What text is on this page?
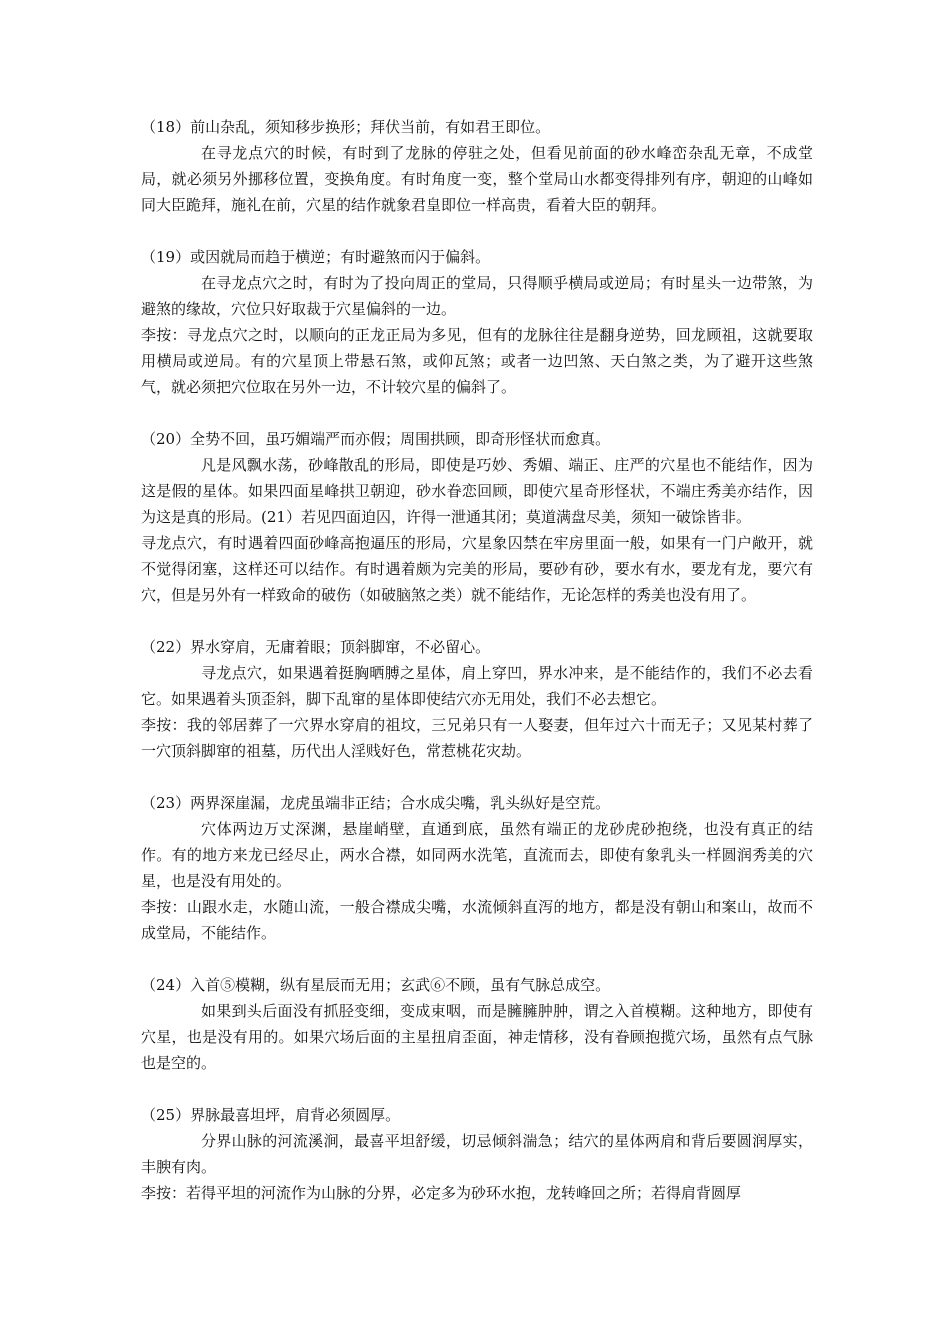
（18）前山杂乱，须知移步换形；拜伏当前，有如君王即位。

在寻龙点穴的时候，有时到了龙脉的停驻之处，但看见前面的砂水峰峦杂乱无章，不成堂局，就必须另外挪移位置，变换角度。有时角度一变，整个堂局山水都变得排列有序，朝迎的山峰如同大臣跪拜，施礼在前，穴星的结作就象君皇即位一样高贵，看着大臣的朝拜。

（19）或因就局而趋于横逆；有时避煞而闪于偏斜。

在寻龙点穴之时，有时为了投向周正的堂局，只得顺乎横局或逆局；有时星头一边带煞，为避煞的缘故，穴位只好取裁于穴星偏斜的一边。

李按：寻龙点穴之时，以顺向的正龙正局为多见，但有的龙脉往往是翻身逆势，回龙顾祖，这就要取用横局或逆局。有的穴星顶上带悬石煞，或仰瓦煞；或者一边凹煞、天白煞之类，为了避开这些煞气，就必须把穴位取在另外一边，不计较穴星的偏斜了。

（20）全势不回，虽巧媚端严而亦假；周围拱顾，即奇形怪状而愈真。

凡是风飘水荡，砂峰散乱的形局，即使是巧妙、秀媚、端正、庄严的穴星也不能结作，因为这是假的星体。如果四面星峰拱卫朝迎，砂水眷恋回顾，即使穴星奇形怪状，不端庄秀美亦结作，因为这是真的形局。(21）若见四面迫囚，许得一泄通其闭；莫道满盘尽美，须知一破馀皆非。

寻龙点穴，有时遇着四面砂峰高抱逼压的形局，穴星象囚禁在牢房里面一般，如果有一门户敞开，就不觉得闭塞，这样还可以结作。有时遇着颇为完美的形局，要砂有砂，要水有水，要龙有龙，要穴有穴，但是另外有一样致命的破伤（如破脑煞之类）就不能结作，无论怎样的秀美也没有用了。

（22）界水穿肩，无庸着眼；顶斜脚窜，不必留心。

寻龙点穴，如果遇着挺胸晒膊之星体，肩上穿凹，界水冲来，是不能结作的，我们不必去看它。如果遇着头顶歪斜，脚下乱窜的星体即使结穴亦无用处，我们不必去想它。

李按：我的邻居葬了一穴界水穿肩的祖坟，三兄弟只有一人娶妻，但年过六十而无子；又见某村葬了一穴顶斜脚窜的祖墓，历代出人淫贱好色，常惹桃花灾劫。

（23）两界深崖漏，龙虎虽端非正结；合水成尖嘴，乳头纵好是空荒。

穴体两边万丈深渊，悬崖峭壁，直通到底，虽然有端正的龙砂虎砂抱绕，也没有真正的结作。有的地方来龙已经尽止，两水合襟，如同两水洗笔，直流而去，即使有象乳头一样圆润秀美的穴星，也是没有用处的。

李按：山跟水走，水随山流，一般合襟成尖嘴，水流倾斜直泻的地方，都是没有朝山和案山，故而不成堂局，不能结作。

（24）入首⑤模糊，纵有星辰而无用；玄武⑥不顾，虽有气脉总成空。

如果到头后面没有抓胫变细，变成束咽，而是臃臃肿肿，谓之入首模糊。这种地方，即使有穴星，也是没有用的。如果穴场后面的主星扭肩歪面，神走情移，没有眷顾抱揽穴场，虽然有点气脉也是空的。

（25）界脉最喜坦坪，肩背必须圆厚。

分界山脉的河流溪涧，最喜平坦舒缓，切忌倾斜湍急；结穴的星体两肩和背后要圆润厚实，丰腴有肉。

李按：若得平坦的河流作为山脉的分界，必定多为砂环水抱，龙转峰回之所；若得肩背圆厚
